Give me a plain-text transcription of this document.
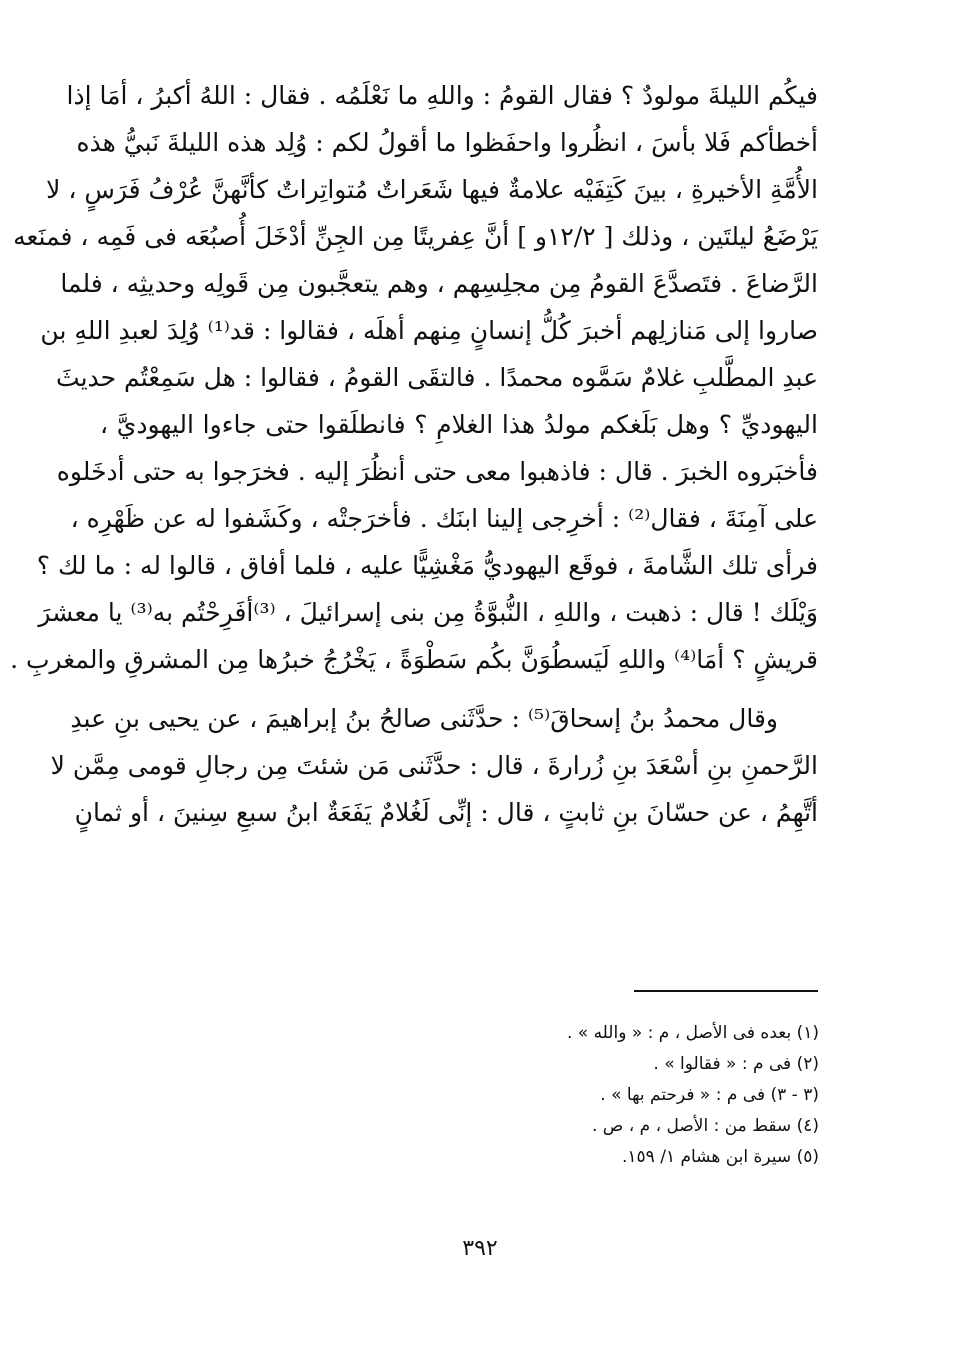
فيكُم الليلةَ مولودٌ ؟ فقال القومُ : واللهِ ما نَعْلَمُه . فقال : اللهُ أكبرُ ، أمَا إذا
أخطأكم فَلا بأسَ ، انظُروا واحفَظوا ما أقولُ لكم : وُلِد هذه الليلةَ نَبيُّ هذه
الأُمَّةِ الأخيرةِ ، بينَ كَتِفَيْه علامةٌ فيها شَعَراتٌ مُتواتِراتٌ كأنَّهنَّ عُرْفُ فَرَسٍ ، لا
يَرْضَعُ ليلتَين ، وذلك [ ١٢/٢و ] أنَّ عِفريتًا مِن الجِنِّ أدْخَلَ أُصبُعَه فى فَمِه ، فمنَعه
الرَّضاعَ . فتَصدَّعَ القومُ مِن مجلِسِهم ، وهم يتعجَّبون مِن قَولِه وحديثِه ، فلما
صاروا إلى مَنازلِهم أخبرَ كُلُّ إنسانٍ مِنهم أهلَه ، فقالوا : قد⁽¹⁾ وُلِدَ لعبدِ اللهِ بن
عبدِ المطَّلبِ غلامٌ سَمَّوه محمدًا . فالتقَى القومُ ، فقالوا : هل سَمِعْتُم حديثَ
اليهوديِّ ؟ وهل بَلَغكم مولدُ هذا الغلامِ ؟ فانطلَقوا حتى جاءوا اليهوديَّ ،
فأخبَروه الخبرَ . قال : فاذهبوا معى حتى أنظُرَ إليه . فخرَجوا به حتى أدخَلوه
على آمِنَةَ ، فقال⁽²⁾ : أخرِجى إلينا ابنَك . فأخرَجتْه ، وكَشَفوا له عن ظَهْرِه ،
فرأى تلك الشَّامةَ ، فوقَع اليهوديُّ مَغْشِيًّا عليه ، فلما أفاق ، قالوا له : ما لك ؟
وَيْلَك ! قال : ذهبت ، واللهِ ، النُّبوَّةُ مِن بنى إسرائيلَ ، ⁽³⁾أفَرِحْتُم به⁽³⁾ يا معشرَ
قريشٍ ؟ أمَا⁽⁴⁾ واللهِ لَيَسطُوَنَّ بكُم سَطْوَةً ، يَخْرُجُ خبرُها مِن المشرقِ والمغربِ .
وقال محمدُ بنُ إسحاقَ⁽⁵⁾ : حدَّثَنى صالحُ بنُ إبراهيمَ ، عن يحيى بنِ عبدِ
الرَّحمنِ بنِ أسْعَدَ بنِ زُرارةَ ، قال : حدَّثَنى مَن شئتَ مِن رجالِ قومى مِمَّن لا
أتَّهِمُ ، عن حسّانَ بنِ ثابتٍ ، قال : إنِّى لَغُلامٌ يَفَعَةٌ ابنُ سبعِ سِنينَ ، أو ثمانٍ
(١) بعده فى الأصل ، م : « والله » .
(٢) فى م : « فقالوا » .
(٣ - ٣) فى م : « فرحتم بها » .
(٤) سقط من : الأصل ، م ، ص .
(٥) سيرة ابن هشام ١/ ١٥٩.
٣٩٢
